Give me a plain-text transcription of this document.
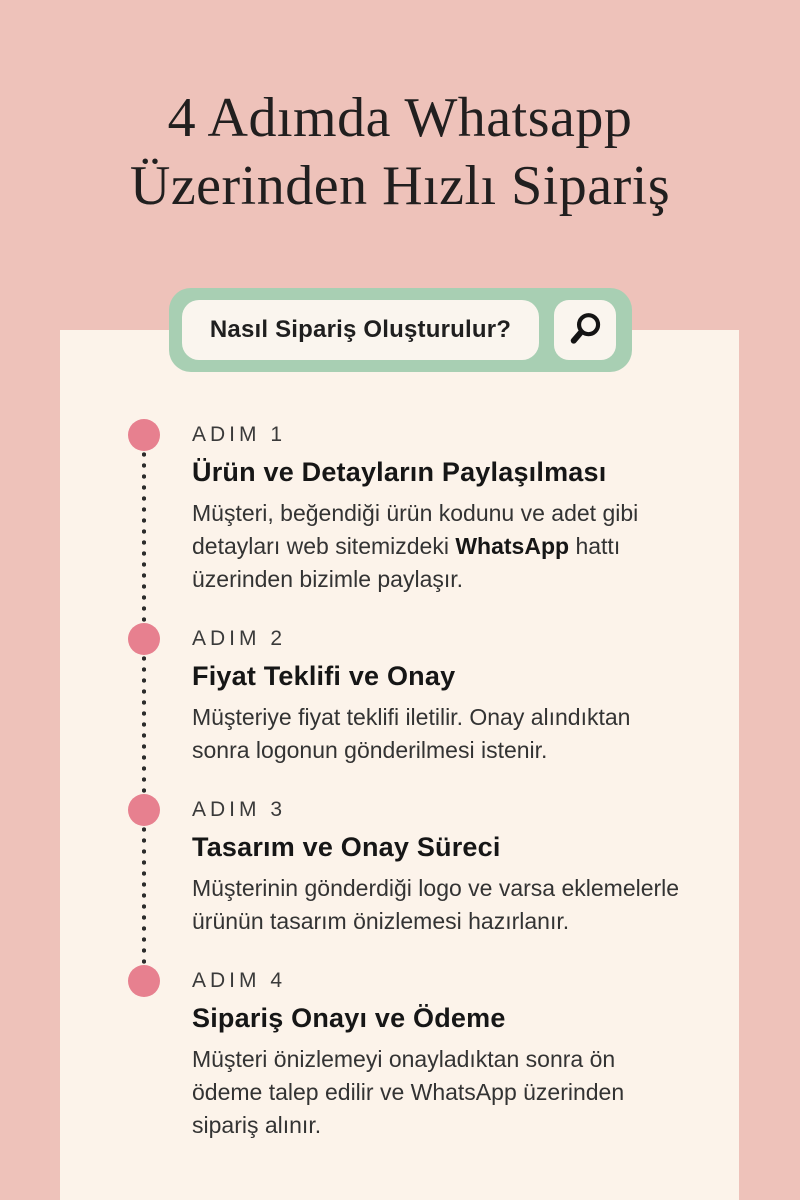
4 Adımda Whatsapp
Üzerinden Hızlı Sipariş
ADIM 1
Ürün ve Detayların Paylaşılması

Müşteri, beğendiği ürün kodunu ve adet gibi
detayları web sitemizdeki WhatsApp hattı
üzerinden bizimle paylaşır.

ADIM 2
Fiyat Teklifi ve Onay

Müşteriye fiyat teklifi iletilir. Onay alındıktan
sonra logonun gönderilmesi istenir.

ADIM 3
Tasarım ve Onay Süreci

Müşterinin gönderdiği logo ve varsa eklemelerle
ürünün tasarım önizlemesi hazırlanır.

ADIM 4
Sipariş Onayı ve Ödeme

Müşteri önizlemeyi onayladıktan sonra ön
ödeme talep edilir ve WhatsApp üzerinden
sipariş alınır.

Nasıl Sipariş Oluşturulur?
